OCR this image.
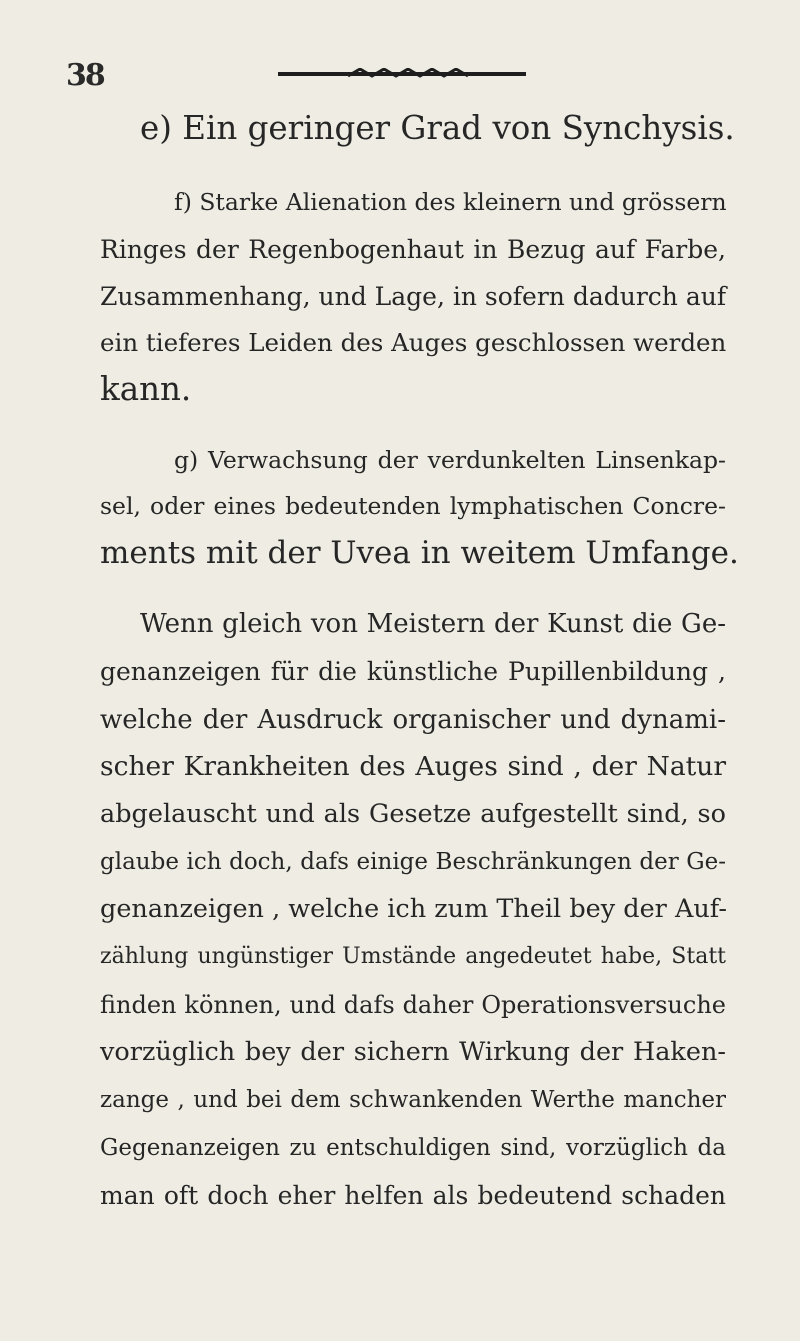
38
e) Ein geringer Grad von Synchysis.
f) Starke Alienation des kleinern und grössern
Ringes der Regenbogenhaut in Bezug auf Farbe,
Zusammenhang, und Lage, in sofern dadurch auf
ein tieferes Leiden des Auges geschlossen werden
kann.
g) Verwachsung der verdunkelten Linsenkap-
sel, oder eines bedeutenden lymphatischen Concre-
ments mit der Uvea in weitem Umfange.
Wenn gleich von Meistern der Kunst die Ge-
genanzeigen für die künstliche Pupillenbildung ,
welche der Ausdruck organischer und dynami-
scher Krankheiten des Auges sind , der Natur
abgelauscht und als Gesetze aufgestellt sind, so
glaube ich doch, dafs einige Beschränkungen der Ge-
genanzeigen , welche ich zum Theil bey der Auf-
zählung ungünstiger Umstände angedeutet habe, Statt
finden können, und dafs daher Operationsversuche
vorzüglich bey der sichern Wirkung der Haken-
zange , und bei dem schwankenden Werthe mancher
Gegenanzeigen zu entschuldigen sind, vorzüglich da
man oft doch eher helfen als bedeutend schaden
